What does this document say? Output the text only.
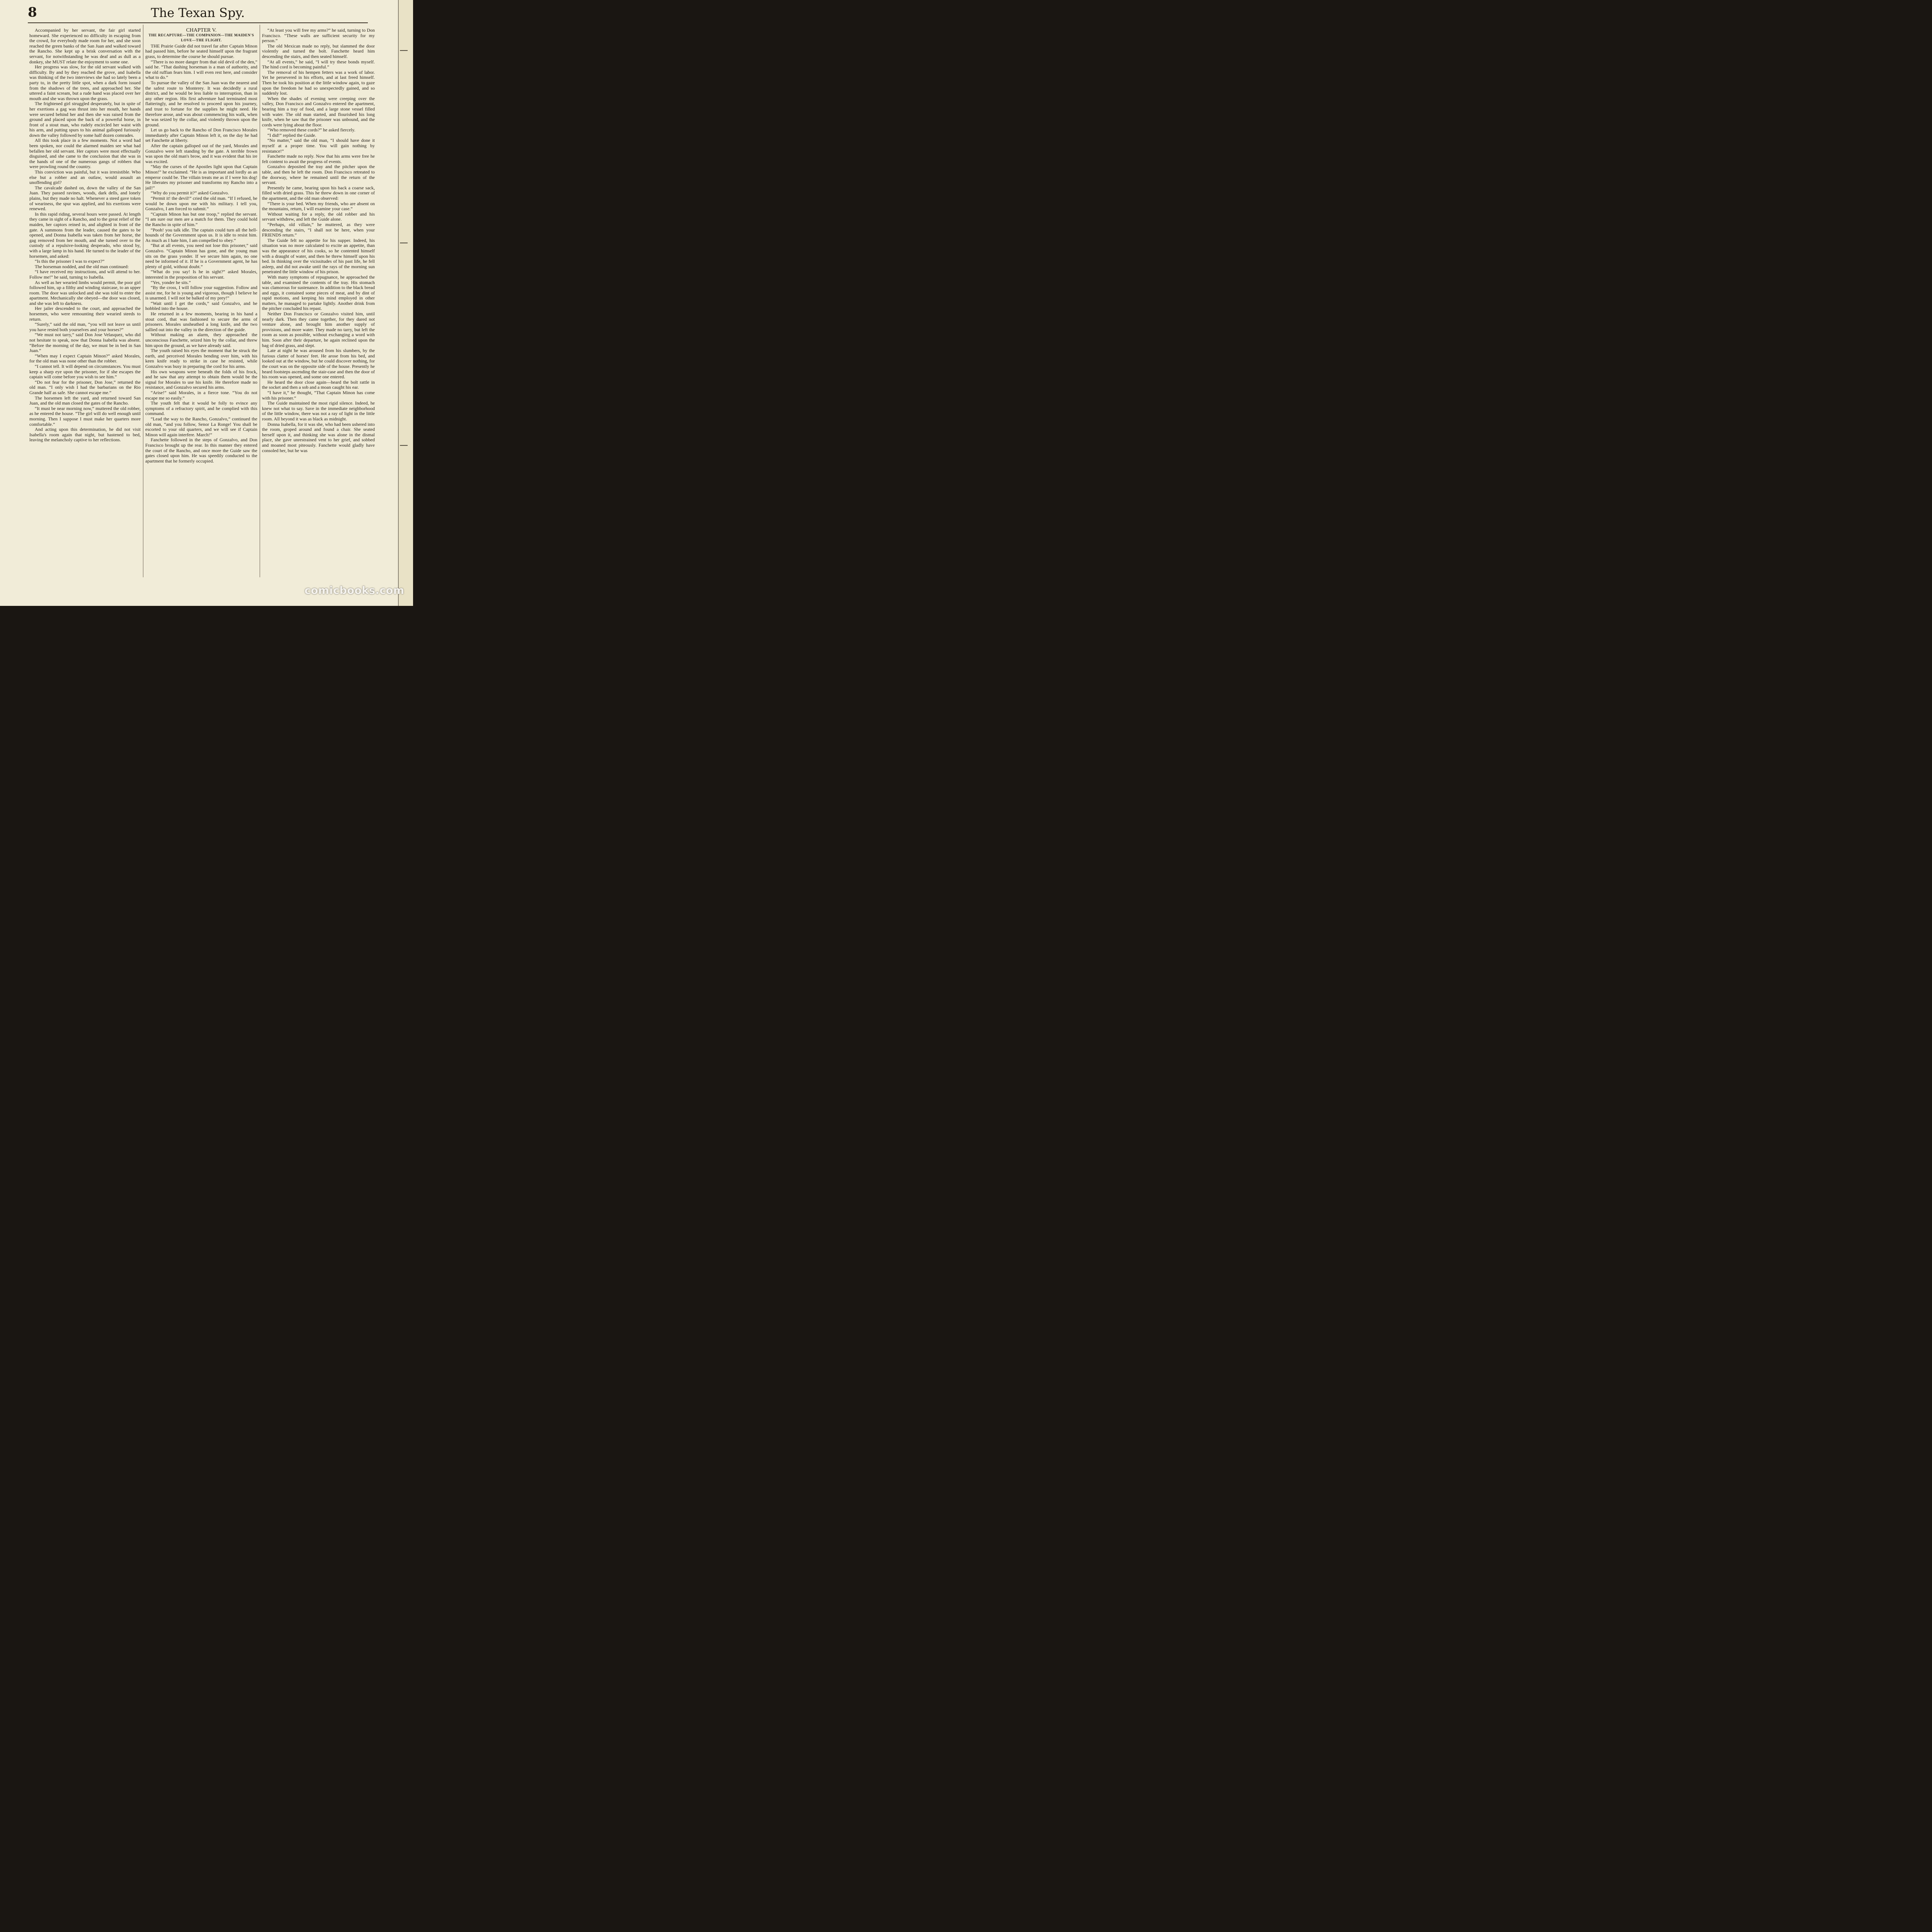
8	The Texan Spy.

Accompanied by her servant, the fair girl started homeward. She experienced no difficulty in escaping from the crowd, for everybody made room for her, and she soon reached the green banks of the San Juan and walked toward the Rancho. She kept up a brisk conversation with the servant, for notwithstanding he was deaf and as dull as a donkey, she MUST relate the enjoyment to some one.

Her progress was slow, for the old servant walked with difficulty. By and by they reached the grove, and Isabella was thinking of the two interviews she had so lately been a party to, in the pretty little spot, when a dark form issued from the shadows of the trees, and approached her. She uttered a faint scream, but a rude hand was placed over her mouth and she was thrown upon the grass.

The frightened girl struggled desperately, but in spite of her exertions a gag was thrust into her mouth, her hands were secured behind her and then she was raised from the ground and placed upon the back of a powerful horse, in front of a stout man, who rudely encircled her waist with his arm, and putting spurs to his animal galloped furiously down the valley followed by some half dozen comrades.

All this took place in a few moments. Not a word had been spoken, nor could the alarmed maiden see what had befallen her old servant. Her captors were most effectually disguised, and she came to the conclusion that she was in the hands of one of the numerous gangs of robbers that were prowling round the country.

This conviction was painful, but it was irresistible. Who else but a robber and an outlaw, would assault an unoffending girl?

The cavalcade dashed on, down the valley of the San Juan. They passed ravines, woods, dark dells, and lonely plains, but they made no halt. Whenever a steed gave token of weariness, the spur was applied, and his exertions were renewed.

In this rapid riding, several hours were passed. At length they came in sight of a Rancho, and to the great relief of the maiden, her captors reined in, and alighted in front of the gate. A summons from the leader, caused the gates to be opened, and Donna Isabella was taken from her horse, the gag removed from her mouth, and she turned over to the custody of a repulsive-looking desperado, who stood by, with a large lamp in his hand. He turned to the leader of the horsemen, and asked:

“Is this the prisoner I was to expect?”

The horseman nodded, and the old man continued:

“I have received my instructions, and will attend to her. Follow me!” he said, turning to Isabella.

As well as her wearied limbs would permit, the poor girl followed him, up a filthy and winding staircase, to an upper room. The door was unlocked and she was told to enter the apartment. Mechanically she obeyed—the door was closed, and she was left to darkness.

Her jailer descended to the court, and approached the horsemen, who were remounting their wearied steeds to return.

“Surely,” said the old man, “you will not leave us until you have rested both yourselves and your horses?”

“We must not tarry,” said Don Jose Velasquez, who did not hesitate to speak, now that Donna Isabella was absent. “Before the morning of the day, we must be in bed in San Juan.”

“When may I expect Captain Minon?” asked Morales, for the old man was none other than the robber.

“I cannot tell. It will depend on circumstances. You must keep a sharp eye upon the prisoner, for if she escapes the captain will come before you wish to see him.”

“Do not fear for the prisoner, Don Jose,” returned the old man. “I only wish I had the barbarians on the Rio Grande half as safe. She cannot escape me.”

The horsemen left the yard, and returned toward San Juan, and the old man closed the gates of the Rancho.

“It must be near morning now,” muttered the old robber, as he entered the house. “The girl will do well enough until morning. Then I suppose I must make her quarters more comfortable.”

And acting upon this determination, he did not visit Isabella's room again that night, but hastened to bed, leaving the melancholy captive to her reflections.

CHAPTER V.

THE RECAPTURE—THE COMPANION—THE MAIDEN'S LOVE—THE FLIGHT.

THE Prairie Guide did not travel far after Captain Minon had passed him, before he seated himself upon the fragrant grass, to determine the course he should pursue.

“There is no more danger from that old devil of the den,” said he. “That dashing horseman is a man of authority, and the old ruffian fears him. I will even rest here, and consider what to do.”

To pursue the valley of the San Juan was the nearest and the safest route to Monterey. It was decidedly a rural district, and he would be less liable to interruption, than in any other region. His first adventure had terminated most flatteringly, and he resolved to proceed upon his journey, and trust to fortune for the supplies he might need. He therefore arose, and was about commencing his walk, when he was seized by the collar, and violently thrown upon the ground.

Let us go back to the Rancho of Don Francisco Morales immediately after Captain Minon left it, on the day he had set Fanchette at liberty.

After the captain galloped out of the yard, Morales and Gonzalvo were left standing by the gate. A terrible frown was upon the old man's brow, and it was evident that his ire was excited.

“May the curses of the Apostles light upon that Captain Minon!” he exclaimed. “He is as important and lordly as an emperor could be. The villain treats me as if I were his dog! He liberates my prisoner and transforms my Rancho into a jail!”

“Why do you permit it?” asked Gonzalvo.

“Permit it! the devil!” cried the old man. “If I refused, he would be down upon me with his military. I tell you, Gonzalvo, I am forced to submit.”

“Captain Minon has but one troop,” replied the servant. “I am sure our men are a match for them. They could hold the Rancho in spite of him.”

“Pooh! you talk idle. The captain could turn all the hell-hounds of the Government upon us. It is idle to resist him. As much as I hate him, I am compelled to obey.”

“But at all events, you need not lose this prisoner,” said Gonzalvo. “Captain Minon has gone, and the young man sits on the grass yonder. If we secure him again, no one need be informed of it. If he is a Government agent, he has plenty of gold, without doubt.”

“What do you say! Is he in sight?” asked Morales, interested in the proposition of his servant.

“Yes, yonder he sits.”

“By the cross, I will follow your suggestion. Follow and assist me, for he is young and vigorous, though I believe he is unarmed. I will not be balked of my prey!”

“Wait until I get the cords,” said Gonzalvo, and he hobbled into the house.

He returned in a few moments, bearing in his hand a stout cord, that was fashioned to secure the arms of prisoners. Morales unsheathed a long knife, and the two sallied out into the valley in the direction of the guide.

Without making an alarm, they approached the unconscious Fanchette, seized him by the collar, and threw him upon the ground, as we have already said.

The youth raised his eyes the moment that he struck the earth, and perceived Morales bending over him, with his keen knife ready to strike in case he resisted, while Gonzalvo was busy in preparing the cord for his arms.

His own weapons were beneath the folds of his frock, and he saw that any attempt to obtain them would be the signal for Morales to use his knife. He therefore made no resistance, and Gonzalvo secured his arms.

“Arise!” said Morales, in a fierce tone. “You do not escape me so easily.”

The youth felt that it would be folly to evince any symptoms of a refractory spirit, and he complied with this command.

“Lead the way to the Rancho, Gonzalvo,” continued the old man, “and you follow, Senor La Ronge! You shall be escorted to your old quarters, and we will see if Captain Minon will again interfere. March!”

Fanchette followed in the steps of Gonzalvo, and Don Francisco brought up the rear. In this manner they entered the court of the Rancho, and once more the Guide saw the gates closed upon him. He was speedily conducted to the apartment that he formerly occupied.

“At least you will free my arms?” he said, turning to Don Francisco. “These walls are sufficient security for my person.”

The old Mexican made no reply, but slammed the door violently and turned the bolt. Fanchette heard him descending the stairs, and then seated himself.

“At all events,” he said, “I will try these bonds myself. The hind cord is becoming painful.”

The removal of his hempen fetters was a work of labor. Yet he persevered in his efforts, and at last freed himself. Then he took his position at the little window again, to gaze upon the freedom he had so unexpectedly gained, and so suddenly lost.

When the shades of evening were creeping over the valley, Don Francisco and Gonzalvo entered the apartment, bearing him a tray of food, and a large stone vessel filled with water. The old man started, and flourished his long knife, when he saw that the prisoner was unbound, and the cords were lying about the floor.

“Who removed these cords?” he asked fiercely.

“I did!” replied the Guide.

“No matter,” said the old man, “I should have done it myself at a proper time. You will gain nothing by resistance!”

Fanchette made no reply. Now that his arms were free he felt content to await the progress of events.

Gonzalvo deposited the tray and the pitcher upon the table, and then he left the room. Don Francisco retreated to the doorway, where he remained until the return of the servant.

Presently he came, bearing upon his back a coarse sack, filled with dried grass. This he threw down in one corner of the apartment, and the old man observed:

“There is your bed. When my friends, who are absent on the mountains, return, I will examine your case.”

Without waiting for a reply, the old robber and his servant withdrew, and left the Guide alone.

“Perhaps, old villain,” he muttered, as they were descending the stairs, “I shall not be here, when your FRIENDS return.”

The Guide felt no appetite for his supper. Indeed, his situation was no more calculated to excite an appetite, than was the appearance of his cooks, so he contented himself with a draught of water, and then he threw himself upon his bed. In thinking over the vicissitudes of his past life, he fell asleep, and did not awake until the rays of the morning sun penetrated the little window of his prison.

With many symptoms of repugnance, he approached the table, and examined the contents of the tray. His stomach was clamorous for sustenance. In addition to the black bread and eggs, it contained some pieces of meat, and by dint of rapid motions, and keeping his mind employed in other matters, he managed to partake lightly. Another drink from the pitcher concluded his repast.

Neither Don Francisco or Gonzalvo visited him, until nearly dark. Then they came together, for they dared not venture alone, and brought him another supply of provisions, and more water. They made no tarry, but left the room as soon as possible, without exchanging a word with him. Soon after their departure, he again reclined upon the bag of dried grass, and slept.

Late at night he was aroused from his slumbers, by the furious clatter of horses' feet. He arose from his bed, and looked out at the window, but he could discover nothing, for the court was on the opposite side of the house. Presently he heard footsteps ascending the stair-case and then the door of his room was opened, and some one entered.

He heard the door close again—heard the bolt rattle in the socket and then a sob and a moan caught his ear.

“I have it,” he thought, “That Captain Minon has come with his prisoner.”

The Guide maintained the most rigid silence. Indeed, he knew not what to say. Save in the immediate neighborhood of the little window, there was not a ray of light in the little room. All beyond it was as black as midnight.

Donna Isabella, for it was she, who had been ushered into the room, groped around and found a chair. She seated herself upon it, and thinking she was alone in the dismal place, she gave unrestrained vent to her grief, and sobbed and moaned most piteously. Fanchette would gladly have consoled her, but he was

—
—
—
comicbooks.com
